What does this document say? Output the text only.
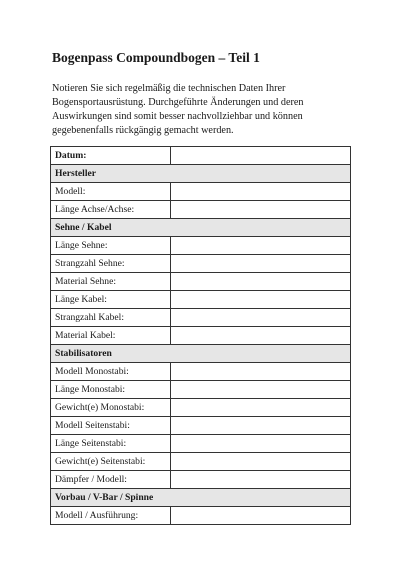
Bogenpass Compoundbogen – Teil 1

Notieren Sie sich regelmäßig die technischen Daten Ihrer Bogensportausrüstung. Durchgeführte Änderungen und deren Auswirkungen sind somit besser nachvollziehbar und können gegebenenfalls rückgängig gemacht werden.

Datum:	
Hersteller	
Modell:	
Länge Achse/Achse:	
Sehne / Kabel	
Länge Sehne:	
Strangzahl Sehne:	
Material Sehne:	
Länge Kabel:	
Strangzahl Kabel:	
Material Kabel:	
Stabilisatoren	
Modell Monostabi:	
Länge Monostabi:	
Gewicht(e) Monostabi:	
Modell Seitenstabi:	
Länge Seitenstabi:	
Gewicht(e) Seitenstabi:	
Dämpfer / Modell:	
Vorbau / V-Bar / Spinne	
Modell / Ausführung:	
